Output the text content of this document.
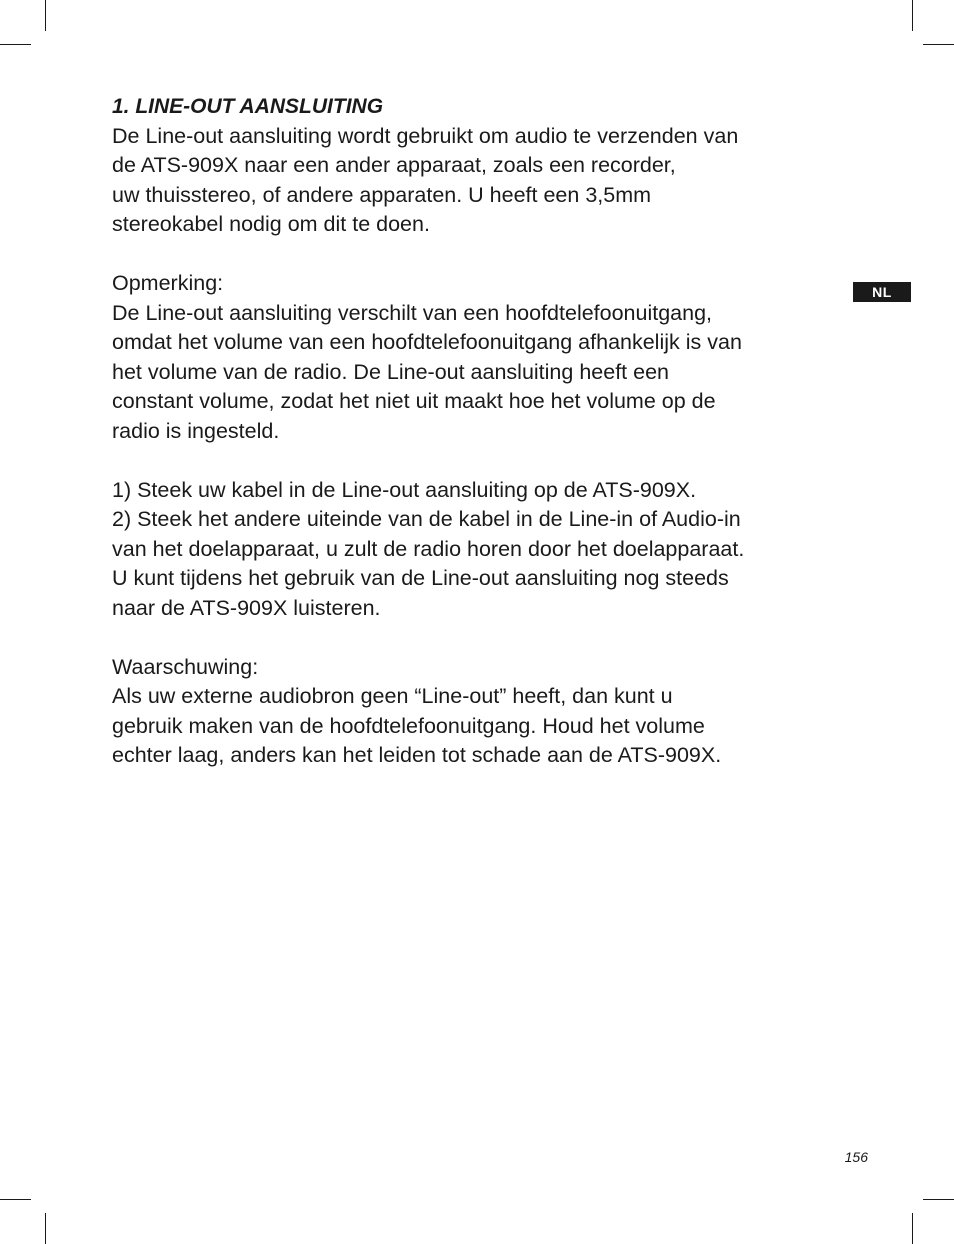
NL
1. LINE-OUT AANSLUITING

De Line-out aansluiting wordt gebruikt om audio te verzenden van

de ATS-909X naar een ander apparaat, zoals een recorder,

uw thuisstereo, of andere apparaten. U heeft een 3,5mm

stereokabel nodig om dit te doen.

Opmerking:

De Line-out aansluiting verschilt van een hoofdtelefoonuitgang,

omdat het volume van een hoofdtelefoonuitgang afhankelijk is van

het volume van de radio. De Line-out aansluiting heeft een

constant volume, zodat het niet uit maakt hoe het volume op de

radio is ingesteld.

1) Steek uw kabel in de Line-out aansluiting op de ATS-909X.

2) Steek het andere uiteinde van de kabel in de Line-in of Audio-in

van het doelapparaat, u zult de radio horen door het doelapparaat.

U kunt tijdens het gebruik van de Line-out aansluiting nog steeds

naar de ATS-909X luisteren.

Waarschuwing:

Als uw externe audiobron geen “Line-out” heeft, dan kunt u

gebruik maken van de hoofdtelefoonuitgang. Houd het volume

echter laag, anders kan het leiden tot schade aan de ATS-909X.

156
